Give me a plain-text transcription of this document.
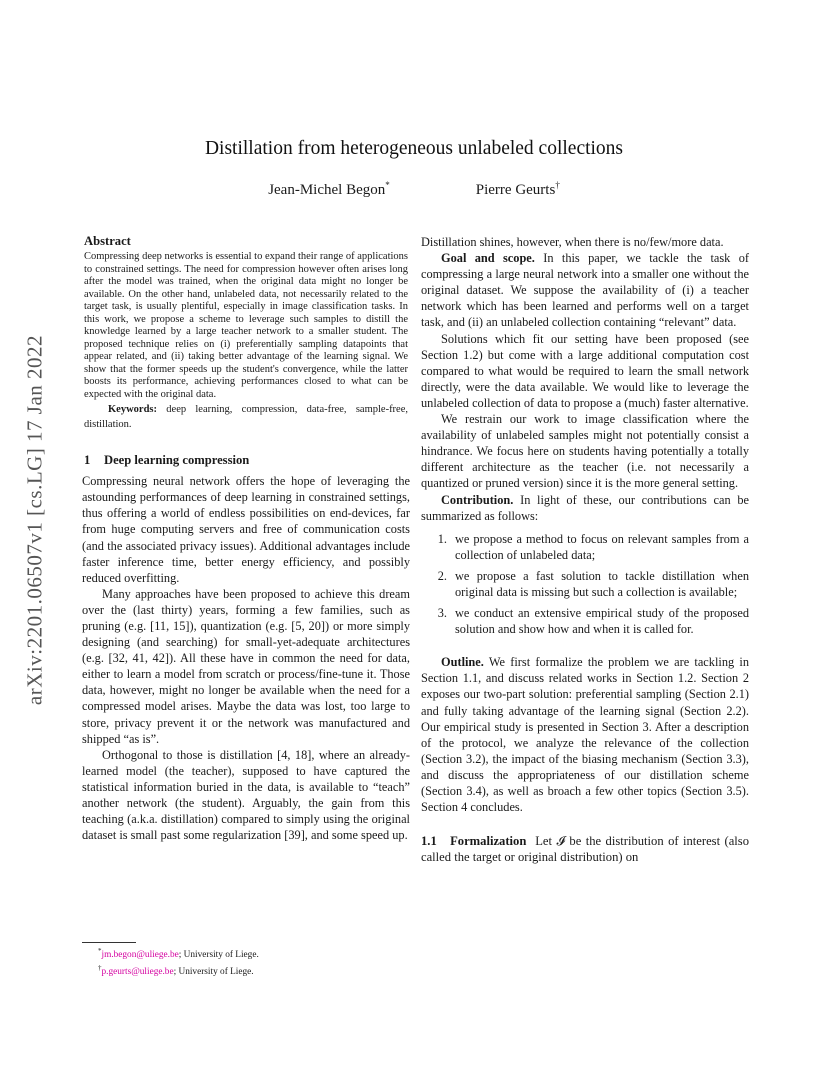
arXiv:2201.06507v1 [cs.LG] 17 Jan 2022
Distillation from heterogeneous unlabeled collections
Jean-Michel Begon*	Pierre Geurts†

Abstract

Compressing deep networks is essential to expand their range of applications to constrained settings. The need for compression however often arises long after the model was trained, when the original data might no longer be available. On the other hand, unlabeled data, not necessarily related to the target task, is usually plentiful, especially in image classification tasks. In this work, we propose a scheme to leverage such samples to distill the knowledge learned by a large teacher network to a smaller student. The proposed technique relies on (i) preferentially sampling datapoints that appear related, and (ii) taking better advantage of the learning signal. We show that the former speeds up the student's convergence, while the latter boosts its performance, achieving performances closed to what can be expected with the original data.

Keywords: deep learning, compression, data-free, sample-free, distillation.

1 Deep learning compression

Compressing neural network offers the hope of leveraging the astounding performances of deep learning in constrained settings, thus offering a world of endless possibilities on end-devices, far from huge computing servers and free of communication costs (and the associated privacy issues). Additional advantages include faster inference time, better energy efficiency, and possibly reduced overfitting.

Many approaches have been proposed to achieve this dream over the (last thirty) years, forming a few families, such as pruning (e.g. [11, 15]), quantization (e.g. [5, 20]) or more simply designing (and searching) for small-yet-adequate architectures (e.g. [32, 41, 42]). All these have in common the need for data, either to learn a model from scratch or process/fine-tune it. Those data, however, might no longer be available when the need for a compressed model arises. Maybe the data was lost, too large to store, privacy prevent it or the network was manufactured and shipped “as is”.

Orthogonal to those is distillation [4, 18], where an already-learned model (the teacher), supposed to have captured the statistical information buried in the data, is available to “teach” another network (the student). Arguably, the gain from this teaching (a.k.a. distillation) compared to simply using the original dataset is small past some regularization [39], and some speed up.

*jm.begon@uliege.be; University of Liege.
†p.geurts@uliege.be; University of Liege.

Distillation shines, however, when there is no/few/more data.

Goal and scope. In this paper, we tackle the task of compressing a large neural network into a smaller one without the original dataset. We suppose the availability of (i) a teacher network which has been learned and performs well on a target task, and (ii) an unlabeled collection containing “relevant” data.

Solutions which fit our setting have been proposed (see Section 1.2) but come with a large additional computation cost compared to what would be required to learn the small network directly, were the data available. We would like to leverage the unlabeled collection of data to propose a (much) faster alternative.

We restrain our work to image classification where the availability of unlabeled samples might not potentially consist a hindrance. We focus here on students having potentially a totally different architecture as the teacher (i.e. not necessarily a quantized or pruned version) since it is the more general setting.

Contribution. In light of these, our contributions can be summarized as follows:

1. we propose a method to focus on relevant samples from a collection of unlabeled data;
2. we propose a fast solution to tackle distillation when original data is missing but such a collection is available;
3. we conduct an extensive empirical study of the proposed solution and show how and when it is called for.

Outline. We first formalize the problem we are tackling in Section 1.1, and discuss related works in Section 1.2. Section 2 exposes our two-part solution: preferential sampling (Section 2.1) and fully taking advantage of the learning signal (Section 2.2). Our empirical study is presented in Section 3. After a description of the protocol, we analyze the relevance of the collection (Section 3.2), the impact of the biasing mechanism (Section 3.3), and discuss the appropriateness of our distillation scheme (Section 3.4), as well as broach a few other topics (Section 3.5). Section 4 concludes.

1.1 Formalization Let 𝓘 be the distribution of interest (also called the target or original distribution) on
